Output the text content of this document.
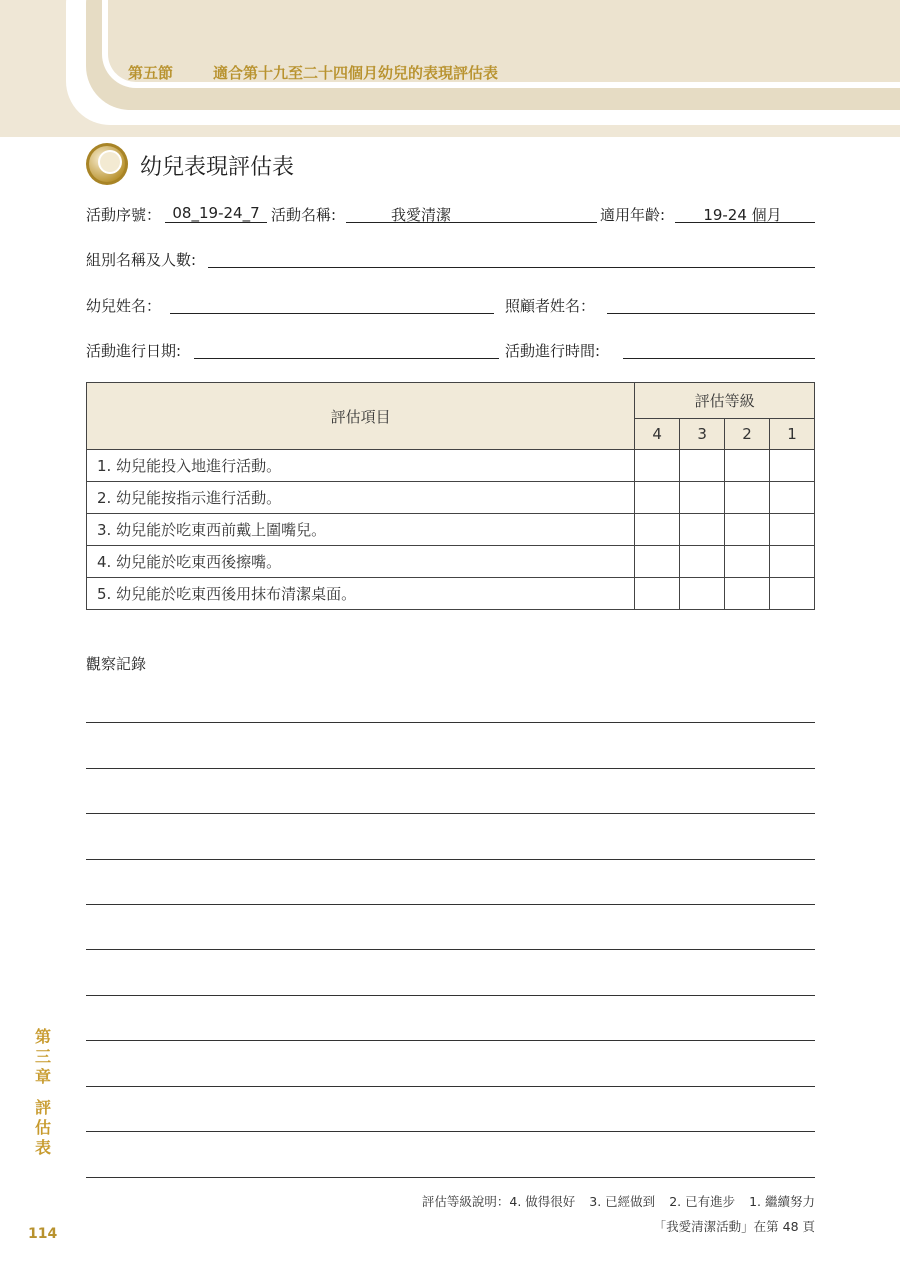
第五節	適合第十九至二十四個月幼兒的表現評估表
幼兒表現評估表
活動序號： 08_19-24_7 活動名稱:	我愛清潔	適用年齡:	19-24 個月
組別名稱及人數:
幼兒姓名：	照顧者姓名：
活動進行日期:	活動進行時間:
評估項目	評估等級			
	4	3	2	1
1. 幼兒能投入地進行活動。				
2. 幼兒能按指示進行活動。				
3. 幼兒能於吃東西前戴上圍嘴兒。				
4. 幼兒能於吃東西後擦嘴。				
5. 幼兒能於吃東西後用抹布清潔桌面。				
觀察記錄
第
三
章
評
估
表
114
評估等級說明：4. 做得很好 3. 已經做到 2. 已有進步 1. 繼續努力
「我愛清潔活動」在第 48 頁
